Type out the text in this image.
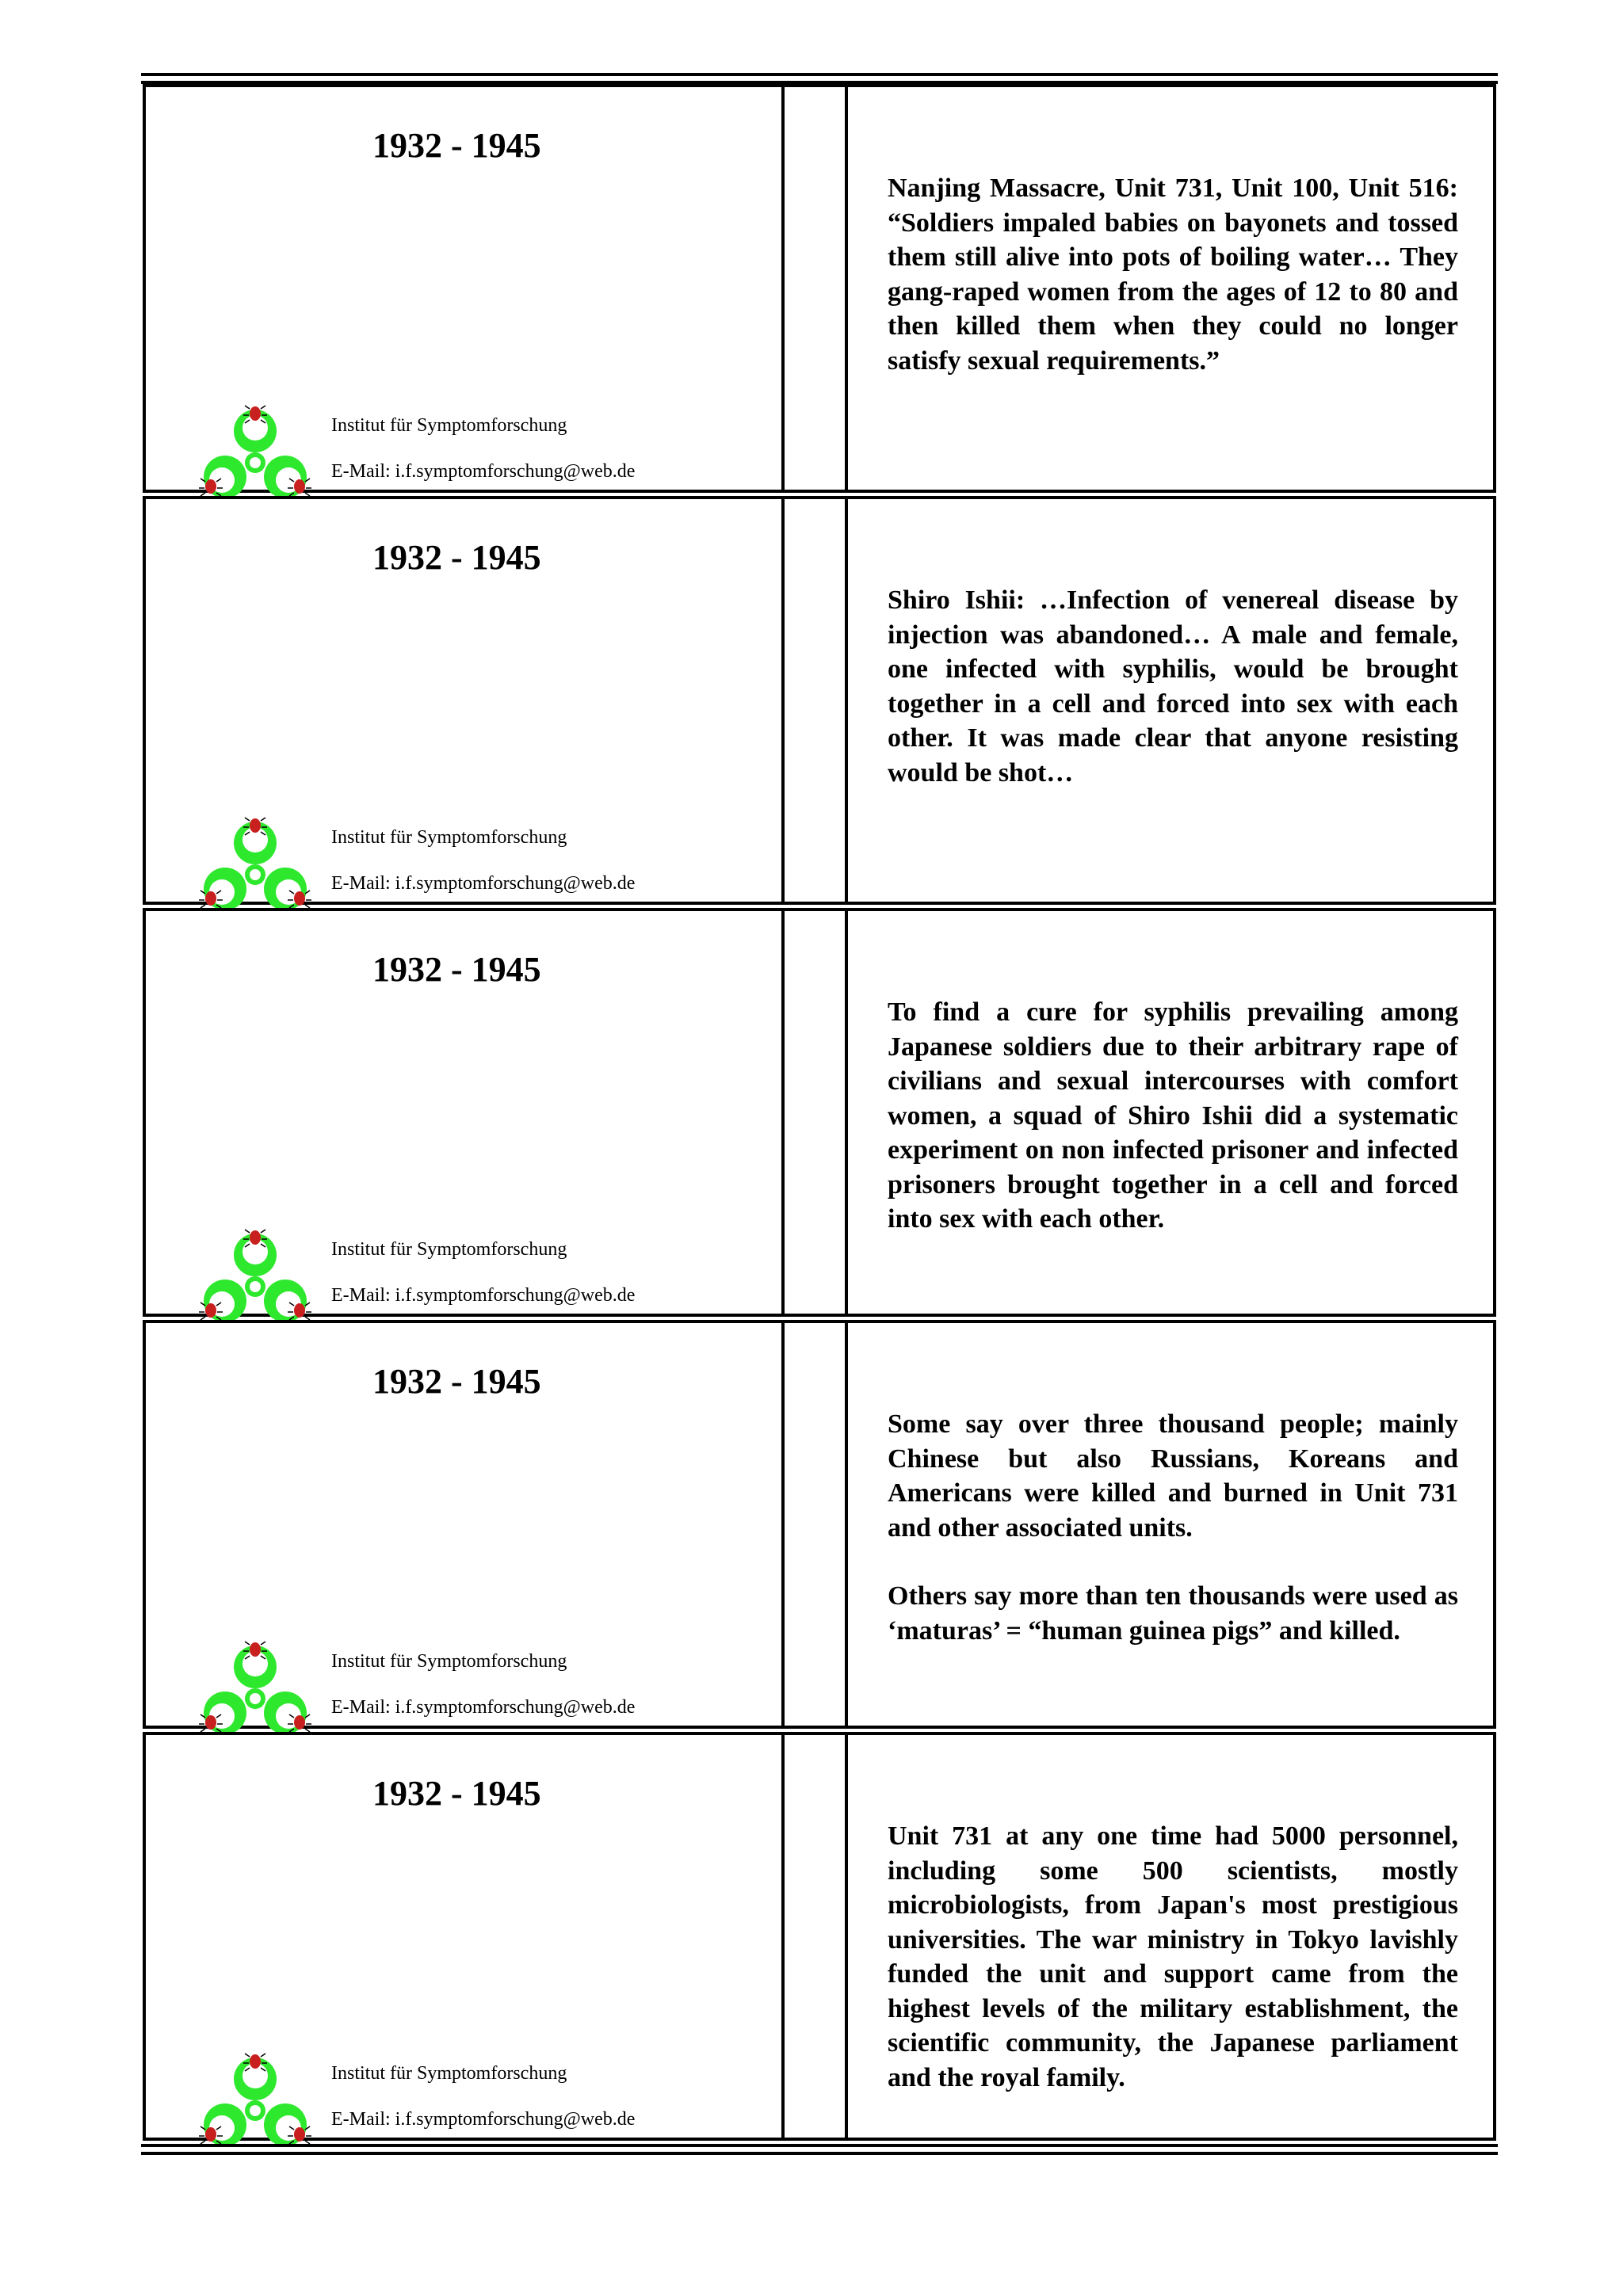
1932 - 1945
Institut für Symptomforschung
E-Mail: i.f.symptomforschung@web.de

Nanjing Massacre, Unit 731, Unit 100, Unit 516: “Soldiers impaled babies on bayonets and tossed them still alive into pots of boiling water… They gang-raped women from the ages of 12 to 80 and then killed them when they could no longer satisfy sexual requirements.”

1932 - 1945
Institut für Symptomforschung
E-Mail: i.f.symptomforschung@web.de

Shiro Ishii: …Infection of venereal disease by injection was abandoned… A male and female, one infected with syphilis, would be brought together in a cell and forced into sex with each other. It was made clear that anyone resisting would be shot…

1932 - 1945
Institut für Symptomforschung
E-Mail: i.f.symptomforschung@web.de

To find a cure for syphilis prevailing among Japanese soldiers due to their arbitrary rape of civilians and sexual intercourses with comfort women, a squad of Shiro Ishii did a systematic experiment on non infected prisoner and infected prisoners brought together in a cell and forced into sex with each other.

1932 - 1945
Institut für Symptomforschung
E-Mail: i.f.symptomforschung@web.de

Some say over three thousand people; mainly Chinese but also Russians, Koreans and Americans were killed and burned in Unit 731 and other associated units.

Others say more than ten thousands were used as ‘maturas’ = “human guinea pigs” and killed.

1932 - 1945
Institut für Symptomforschung
E-Mail: i.f.symptomforschung@web.de

Unit 731 at any one time had 5000 personnel, including some 500 scientists, mostly microbiologists, from Japan's most prestigious universities. The war ministry in Tokyo lavishly funded the unit and support came from the highest levels of the military establishment, the scientific community, the Japanese parliament and the royal family.
